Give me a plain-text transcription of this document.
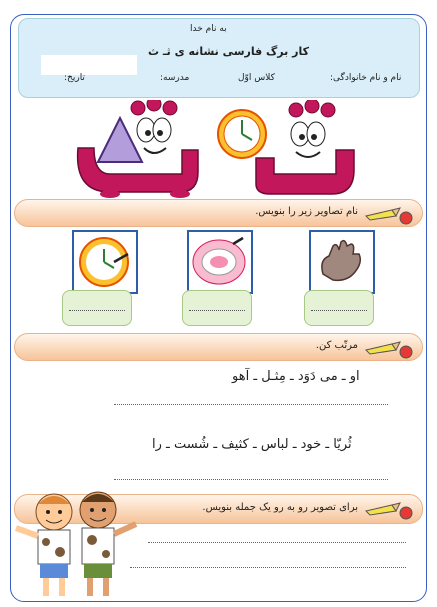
به نام خدا
کار برگ فارسی نشانه ی ثـ ث
نام و نام خانوادگی:
کلاس اوّل
مدرسه:
تاریخ:
نام تصاویر زیر را بنویس.
مرتّب کن.
او ـ می دَوَد ـ مِثـل ـ آهو
ثُریّا ـ خود ـ لباس ـ کثیف ـ شُست ـ را
برای تصویر رو به رو یک جمله بنویس.
